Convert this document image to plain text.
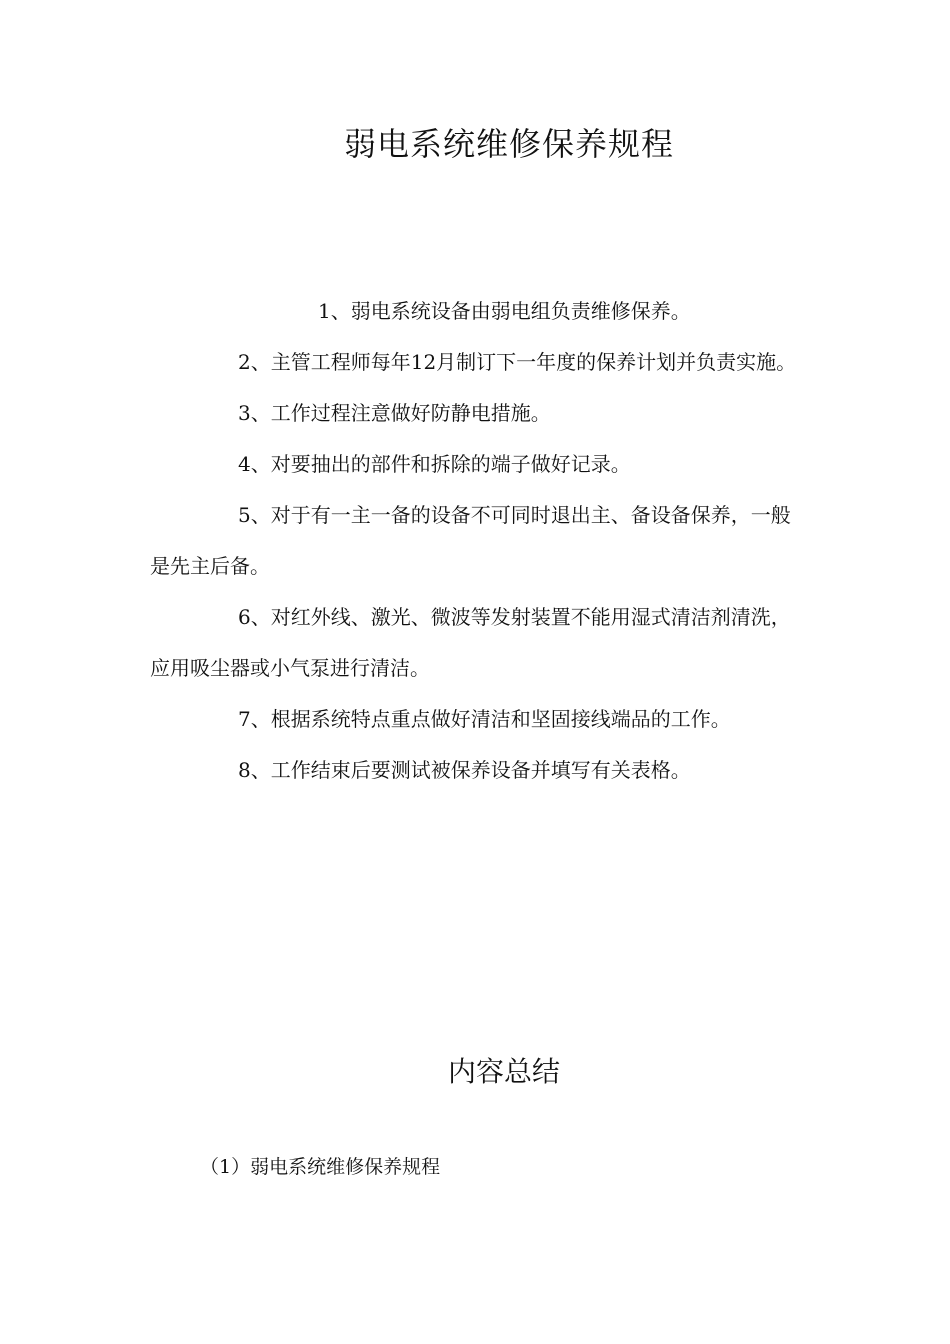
弱电系统维修保养规程
1、弱电系统设备由弱电组负责维修保养。
2、主管工程师每年12月制订下一年度的保养计划并负责实施。
3、工作过程注意做好防静电措施。
4、对要抽出的部件和拆除的端子做好记录。
5、对于有一主一备的设备不可同时退出主、备设备保养，一般是先主后备。
6、对红外线、激光、微波等发射装置不能用湿式清洁剂清洗，应用吸尘器或小气泵进行清洁。
7、根据系统特点重点做好清洁和坚固接线端品的工作。
8、工作结束后要测试被保养设备并填写有关表格。
内容总结

（1）弱电系统维修保养规程
